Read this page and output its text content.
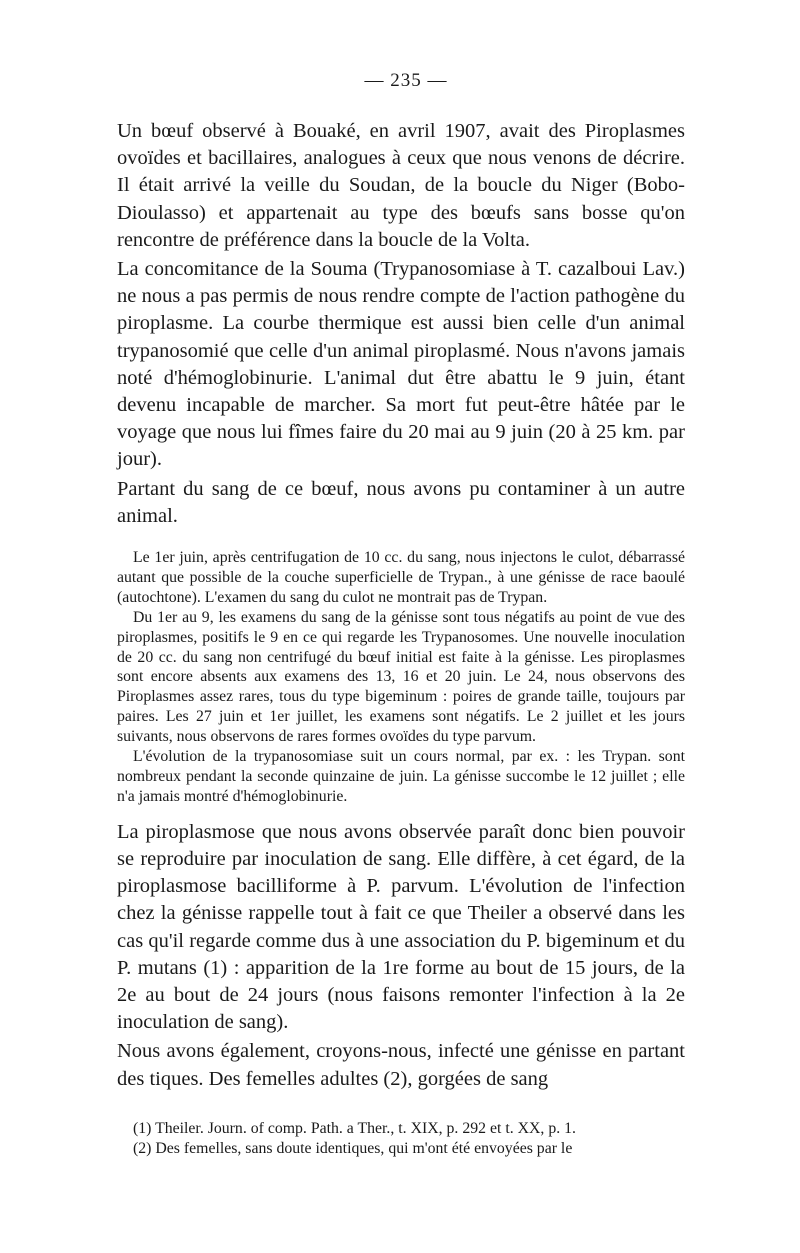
— 235 —

Un bœuf observé à Bouaké, en avril 1907, avait des Piroplasmes ovoïdes et bacillaires, analogues à ceux que nous venons de décrire. Il était arrivé la veille du Soudan, de la boucle du Niger (Bobo-Dioulasso) et appartenait au type des bœufs sans bosse qu'on rencontre de préférence dans la boucle de la Volta.

La concomitance de la Souma (Trypanosomiase à T. cazalboui Lav.) ne nous a pas permis de nous rendre compte de l'action pathogène du piroplasme. La courbe thermique est aussi bien celle d'un animal trypanosomié que celle d'un animal piroplasmé. Nous n'avons jamais noté d'hémoglobinurie. L'animal dut être abattu le 9 juin, étant devenu incapable de marcher. Sa mort fut peut-être hâtée par le voyage que nous lui fîmes faire du 20 mai au 9 juin (20 à 25 km. par jour).

Partant du sang de ce bœuf, nous avons pu contaminer à un autre animal.

Le 1er juin, après centrifugation de 10 cc. du sang, nous injectons le culot, débarrassé autant que possible de la couche superficielle de Trypan., à une génisse de race baoulé (autochtone). L'examen du sang du culot ne montrait pas de Trypan.

Du 1er au 9, les examens du sang de la génisse sont tous négatifs au point de vue des piroplasmes, positifs le 9 en ce qui regarde les Trypanosomes. Une nouvelle inoculation de 20 cc. du sang non centrifugé du bœuf initial est faite à la génisse. Les piroplasmes sont encore absents aux examens des 13, 16 et 20 juin. Le 24, nous observons des Piroplasmes assez rares, tous du type bigeminum : poires de grande taille, toujours par paires. Les 27 juin et 1er juillet, les examens sont négatifs. Le 2 juillet et les jours suivants, nous observons de rares formes ovoïdes du type parvum.

L'évolution de la trypanosomiase suit un cours normal, par ex. : les Trypan. sont nombreux pendant la seconde quinzaine de juin. La génisse succombe le 12 juillet ; elle n'a jamais montré d'hémoglobinurie.

La piroplasmose que nous avons observée paraît donc bien pouvoir se reproduire par inoculation de sang. Elle diffère, à cet égard, de la piroplasmose bacilliforme à P. parvum. L'évolution de l'infection chez la génisse rappelle tout à fait ce que Theiler a observé dans les cas qu'il regarde comme dus à une association du P. bigeminum et du P. mutans (1) : apparition de la 1re forme au bout de 15 jours, de la 2e au bout de 24 jours (nous faisons remonter l'infection à la 2e inoculation de sang).

Nous avons également, croyons-nous, infecté une génisse en partant des tiques. Des femelles adultes (2), gorgées de sang

(1) Theiler. Journ. of comp. Path. a Ther., t. XIX, p. 292 et t. XX, p. 1.

(2) Des femelles, sans doute identiques, qui m'ont été envoyées par le
